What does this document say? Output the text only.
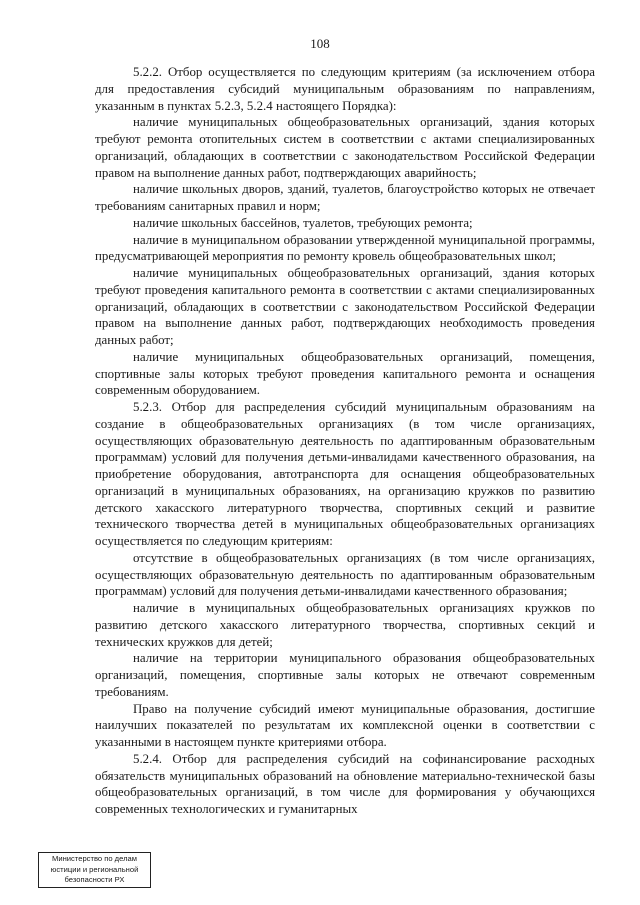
108

5.2.2. Отбор осуществляется по следующим критериям (за исключением отбора для предоставления субсидий муниципальным образованиям по направлениям, указанным в пунктах 5.2.3, 5.2.4 настоящего Порядка):

наличие муниципальных общеобразовательных организаций, здания которых требуют ремонта отопительных систем в соответствии с актами специализированных организаций, обладающих в соответствии с законодательством Российской Федерации правом на выполнение данных работ, подтверждающих аварийность;

наличие школьных дворов, зданий, туалетов, благоустройство которых не отвечает требованиям санитарных правил и норм;

наличие школьных бассейнов, туалетов, требующих ремонта;

наличие в муниципальном образовании утвержденной муниципальной программы, предусматривающей мероприятия по ремонту кровель общеобразовательных школ;

наличие муниципальных общеобразовательных организаций, здания которых требуют проведения капитального ремонта в соответствии с актами специализированных организаций, обладающих в соответствии с законодательством Российской Федерации правом на выполнение данных работ, подтверждающих необходимость проведения данных работ;

наличие муниципальных общеобразовательных организаций, помещения, спортивные залы которых требуют проведения капитального ремонта и оснащения современным оборудованием.

5.2.3. Отбор для распределения субсидий муниципальным образованиям на создание в общеобразовательных организациях (в том числе организациях, осуществляющих образовательную деятельность по адаптированным образовательным программам) условий для получения детьми-инвалидами качественного образования, на приобретение оборудования, автотранспорта для оснащения общеобразовательных организаций в муниципальных образованиях, на организацию кружков по развитию детского хакасского литературного творчества, спортивных секций и развитие технического творчества детей в муниципальных общеобразовательных организациях осуществляется по следующим критериям:

отсутствие в общеобразовательных организациях (в том числе организациях, осуществляющих образовательную деятельность по адаптированным образовательным программам) условий для получения детьми-инвалидами качественного образования;

наличие в муниципальных общеобразовательных организациях кружков по развитию детского хакасского литературного творчества, спортивных секций и технических кружков для детей;

наличие на территории муниципального образования общеобразовательных организаций, помещения, спортивные залы которых не отвечают современным требованиям.

Право на получение субсидий имеют муниципальные образования, достигшие наилучших показателей по результатам их комплексной оценки в соответствии с указанными в настоящем пункте критериями отбора.

5.2.4. Отбор для распределения субсидий на софинансирование расходных обязательств муниципальных образований на обновление материально-технической базы общеобразовательных организаций, в том числе для формирования у обучающихся современных технологических и гуманитарных

Министерство по делам
юстиции и региональной
безопасности РХ
